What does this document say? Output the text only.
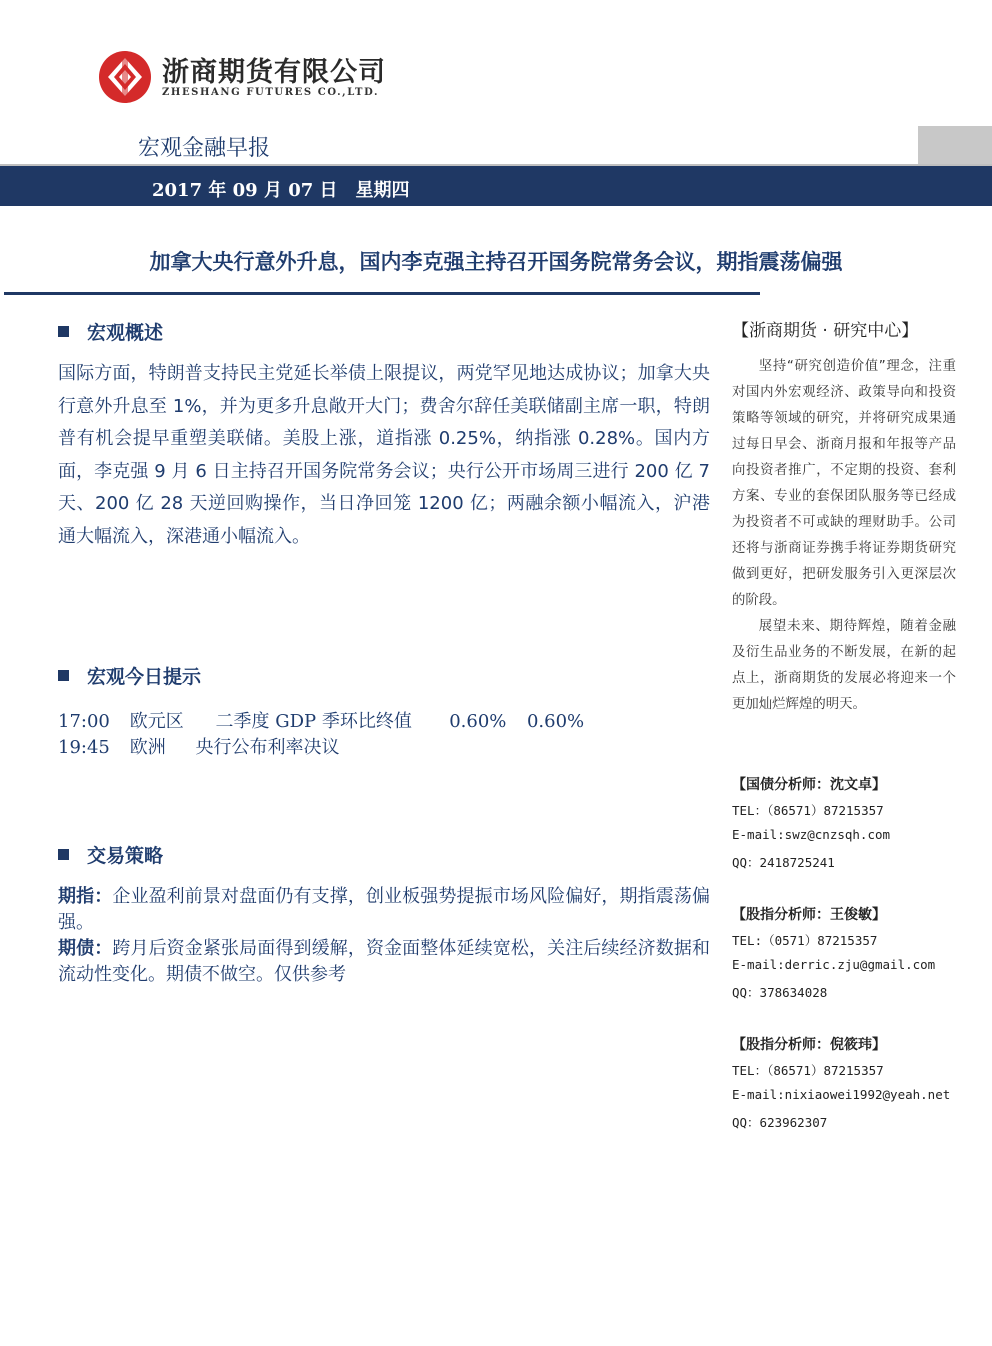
浙商期货有限公司
ZHESHANG FUTURES CO.,LTD.
宏观金融早报
2017 年 09 月 07 日　星期四
加拿大央行意外升息，国内李克强主持召开国务院常务会议，期指震荡偏强
宏观概述
国际方面，特朗普支持民主党延长举债上限提议，两党罕见地达成协议；加拿大央行意外升息至 1%，并为更多升息敞开大门；费舍尔辞任美联储副主席一职，特朗普有机会提早重塑美联储。美股上涨，道指涨 0.25%，纳指涨 0.28%。国内方面，李克强 9 月 6 日主持召开国务院常务会议；央行公开市场周三进行 200 亿 7 天、200 亿 28 天逆回购操作，当日净回笼 1200 亿；两融余额小幅流入，沪港通大幅流入，深港通小幅流入。
宏观今日提示
17:00 欧元区 二季度 GDP 季环比终值 0.60% 0.60%
19:45 欧洲 央行公布利率决议
交易策略
期指：企业盈利前景对盘面仍有支撑，创业板强势提振市场风险偏好，期指震荡偏强。
期债：跨月后资金紧张局面得到缓解，资金面整体延续宽松，关注后续经济数据和流动性变化。期债不做空。仅供参考
【浙商期货 · 研究中心】
坚持“研究创造价值”理念，注重对国内外宏观经济、政策导向和投资策略等领域的研究，并将研究成果通过每日早会、浙商月报和年报等产品向投资者推广，不定期的投资、套利方案、专业的套保团队服务等已经成为投资者不可或缺的理财助手。公司还将与浙商证券携手将证券期货研究做到更好，把研发服务引入更深层次的阶段。
展望未来、期待辉煌，随着金融及衍生品业务的不断发展，在新的起点上，浙商期货的发展必将迎来一个更加灿烂辉煌的明天。
【国债分析师：沈文卓】
TEL：（86571）87215357
E-mail:swz@cnzsqh.com
QQ：2418725241
【股指分析师：王俊敏】
TEL:（0571）87215357
E-mail:derric.zju@gmail.com
QQ：378634028
【股指分析师：倪筱玮】
TEL：（86571）87215357
E-mail:nixiaowei1992@yeah.net
QQ：623962307
